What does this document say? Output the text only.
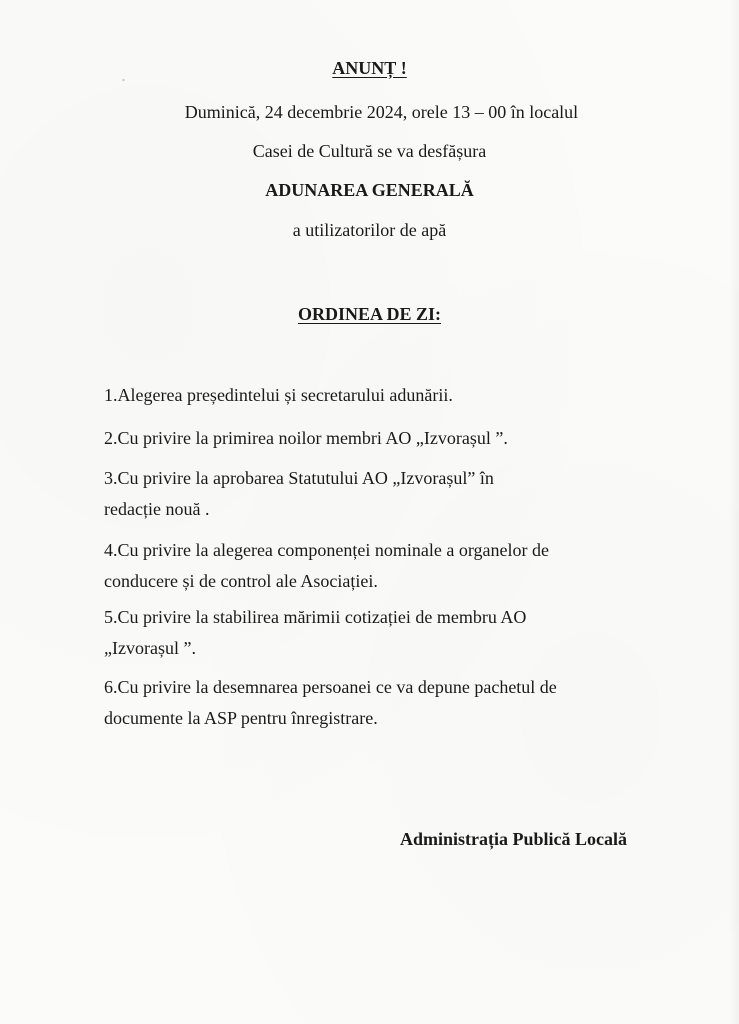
˚
ANUNȚ !
Duminică, 24 decembrie 2024, orele 13 – 00 în localul
Casei de Cultură se va desfășura
ADUNAREA GENERALĂ
a utilizatorilor de apă
ORDINEA DE ZI:
1.Alegerea președintelui și secretarului adunării.
2.Cu privire la primirea noilor membri AO „Izvorașul ”.
3.Cu privire la aprobarea Statutului AO „Izvorașul” în
redacție nouă .
4.Cu privire la alegerea componenței nominale a organelor de
conducere și de control ale Asociației.
5.Cu privire la stabilirea mărimii cotizației de membru AO
„Izvorașul ”.
6.Cu privire la desemnarea persoanei ce va depune pachetul de
documente la ASP pentru înregistrare.
Administrația Publică Locală
